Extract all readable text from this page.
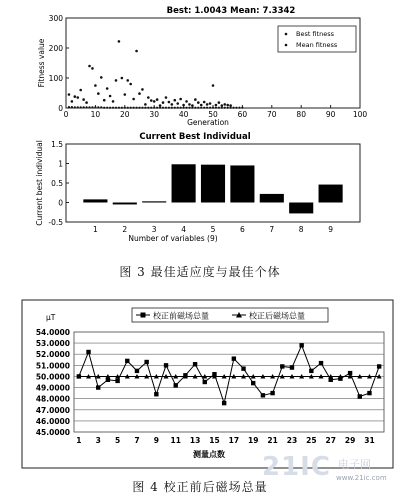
Best: 1.0043 Mean: 7.3342
0
100
200
300
0	10	20	30	40	50	60	70	80	90 100
Generation
Fitness value
Best fitness
Mean fitness
Current Best Individual
-0.5
0
0.5
1
1.5
1	2	3	4	5	6	7	8	9
Number of variables (9)
Current best individual
45.0000
46.0000
47.0000
48.0000
49.0000
50.0000
51.0000
52.0000
53.0000
54.0000
μT
1 3 5 7 9 11 13 15 17 19 21 23 25 27 29 31
测量点数
校正前磁场总量	校正后磁场总量
图 3 最佳适应度与最佳个体
21IC 电子网
www.21ic.com
图 4 校正前后磁场总量
